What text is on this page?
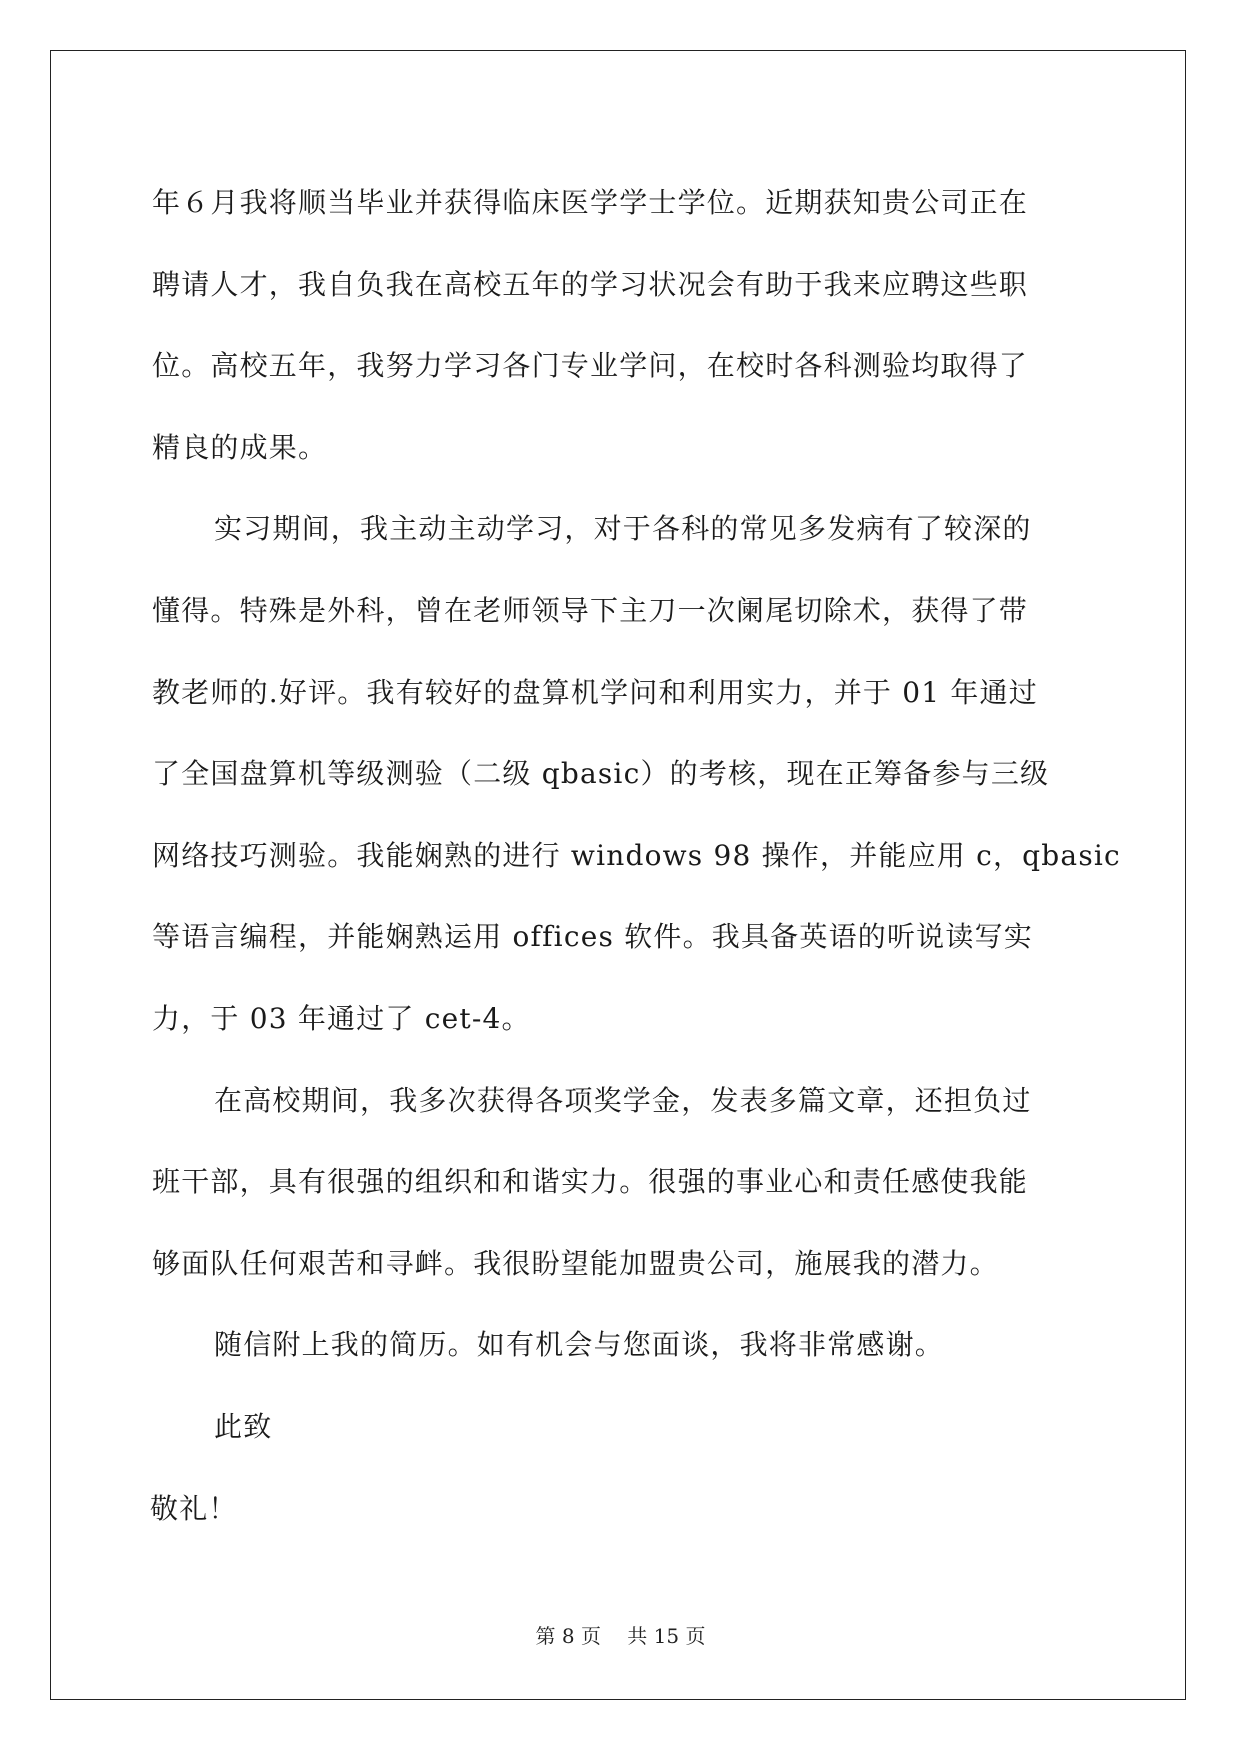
年６月我将顺当毕业并获得临床医学学士学位。近期获知贵公司正在
聘请人才，我自负我在高校五年的学习状况会有助于我来应聘这些职
位。高校五年，我努力学习各门专业学问，在校时各科测验均取得了
精良的成果。
实习期间，我主动主动学习，对于各科的常见多发病有了较深的
懂得。特殊是外科，曾在老师领导下主刀一次阑尾切除术，获得了带
教老师的.好评。我有较好的盘算机学问和利用实力，并于 01 年通过
了全国盘算机等级测验（二级 qbasic）的考核，现在正筹备参与三级
网络技巧测验。我能娴熟的进行 windows 98 操作，并能应用 c，qbasic
等语言编程，并能娴熟运用 offices 软件。我具备英语的听说读写实
力，于 03 年通过了 cet-4。
在高校期间，我多次获得各项奖学金，发表多篇文章，还担负过
班干部，具有很强的组织和和谐实力。很强的事业心和责任感使我能
够面队任何艰苦和寻衅。我很盼望能加盟贵公司，施展我的潜力。
随信附上我的简历。如有机会与您面谈，我将非常感谢。
此致
敬礼！
第 8 页　 共 15 页
